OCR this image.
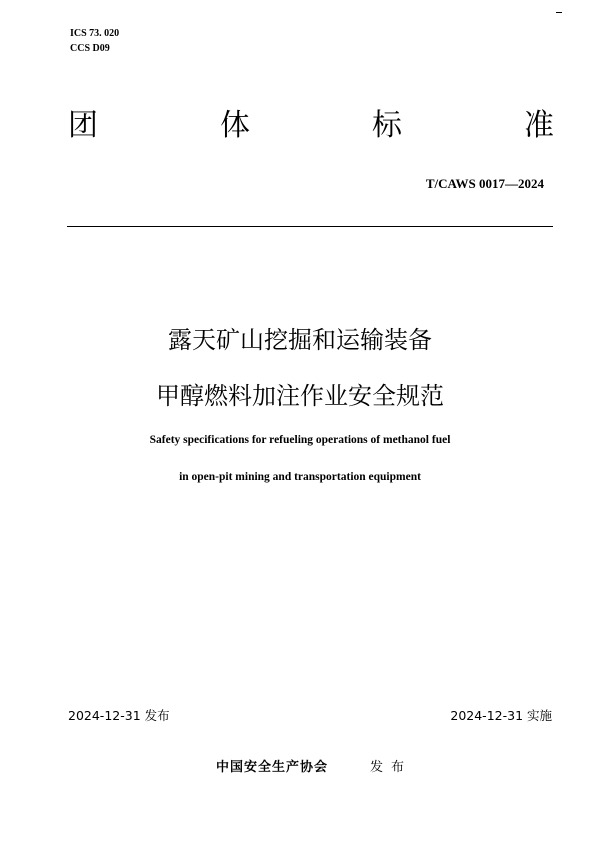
ICS 73. 020
CCS D09
团	体	标	准
T/CAWS 0017—2024
露天矿山挖掘和运输装备
甲醇燃料加注作业安全规范
Safety specifications for refueling operations of methanol fuel
in open-pit mining and transportation equipment
2024-12-31 发布	2024-12-31 实施
中国安全生产协会	发布
